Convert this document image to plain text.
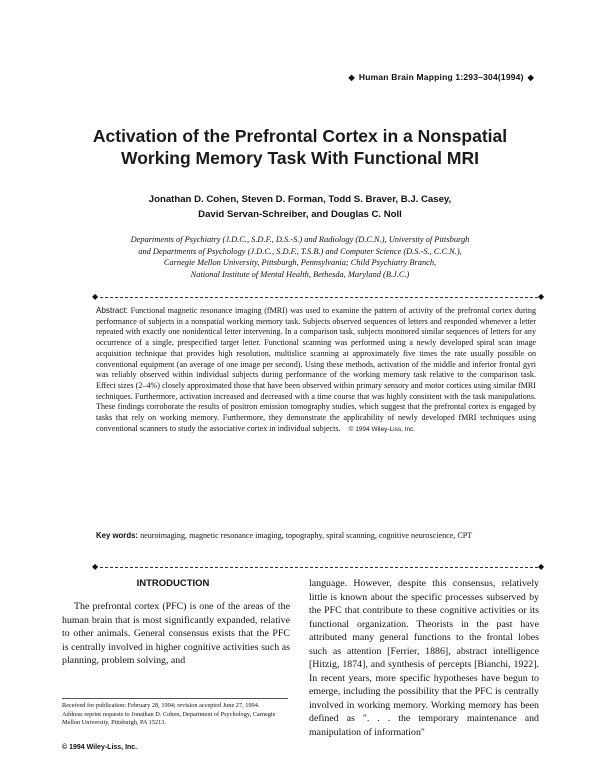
◆ Human Brain Mapping 1:293–304(1994) ◆
Activation of the Prefrontal Cortex in a Nonspatial
Working Memory Task With Functional MRI
Jonathan D. Cohen, Steven D. Forman, Todd S. Braver, B.J. Casey,
David Servan-Schreiber, and Douglas C. Noll
Departments of Psychiatry (J.D.C., S.D.F., D.S.-S.) and Radiology (D.C.N.), University of Pittsburgh
and Departments of Psychology (J.D.C., S.D.F., T.S.B.) and Computer Science (D.S.-S., C.C.N.),
Carnegie Mellon University, Pittsburgh, Pennsylvania; Child Psychiatry Branch,
National Institute of Mental Health, Bethesda, Maryland (B.J.C.)
◆	◆
Abstract: Functional magnetic resonance imaging (fMRI) was used to examine the pattern of activity of the prefrontal cortex during performance of subjects in a nonspatial working memory task. Subjects observed sequences of letters and responded whenever a letter repeated with exactly one nonidentical letter intervening. In a comparison task, subjects monitored similar sequences of letters for any occurrence of a single, prespecified target letter. Functional scanning was performed using a newly developed spiral scan image acquisition technique that provides high resolution, multislice scanning at approximately five times the rate usually possible on conventional equipment (an average of one image per second). Using these methods, activation of the middle and inferior frontal gyri was reliably observed within individual subjects during performance of the working memory task relative to the comparison task. Effect sizes (2–4%) closely approximated those that have been observed within primary sensory and motor cortices using similar fMRI techniques. Furthermore, activation increased and decreased with a time course that was highly consistent with the task manipulations. These findings corroborate the results of positron emission tomography studies, which suggest that the prefrontal cortex is engaged by tasks that rely on working memory. Furthermore, they demonstrate the applicability of newly developed fMRI techniques using conventional scanners to study the associative cortex in individual subjects. © 1994 Wiley-Liss, Inc.
Key words: neuroimaging, magnetic resonance imaging, topography, spiral scanning, cognitive neuroscience, CPT
◆	◆
INTRODUCTION

The prefrontal cortex (PFC) is one of the areas of the human brain that is most significantly expanded, relative to other animals. General consensus exists that the PFC is centrally involved in higher cognitive activities such as planning, problem solving, and

language. However, despite this consensus, relatively little is known about the specific processes subserved by the PFC that contribute to these cognitive activities or its functional organization. Theorists in the past have attributed many general functions to the frontal lobes such as attention [Ferrier, 1886], abstract intelligence [Hitzig, 1874], and synthesis of percepts [Bianchi, 1922]. In recent years, more specific hypotheses have begun to emerge, including the possibility that the PFC is centrally involved in working memory. Working memory has been defined as ". . . the temporary maintenance and manipulation of information"

Received for publication: February 28, 1994; revision accepted June 27, 1994.

Address reprint requests to Jonathan D. Cohen, Department of Psychology, Carnegie Mellon University, Pittsburgh, PA 15213.

© 1994 Wiley-Liss, Inc.
